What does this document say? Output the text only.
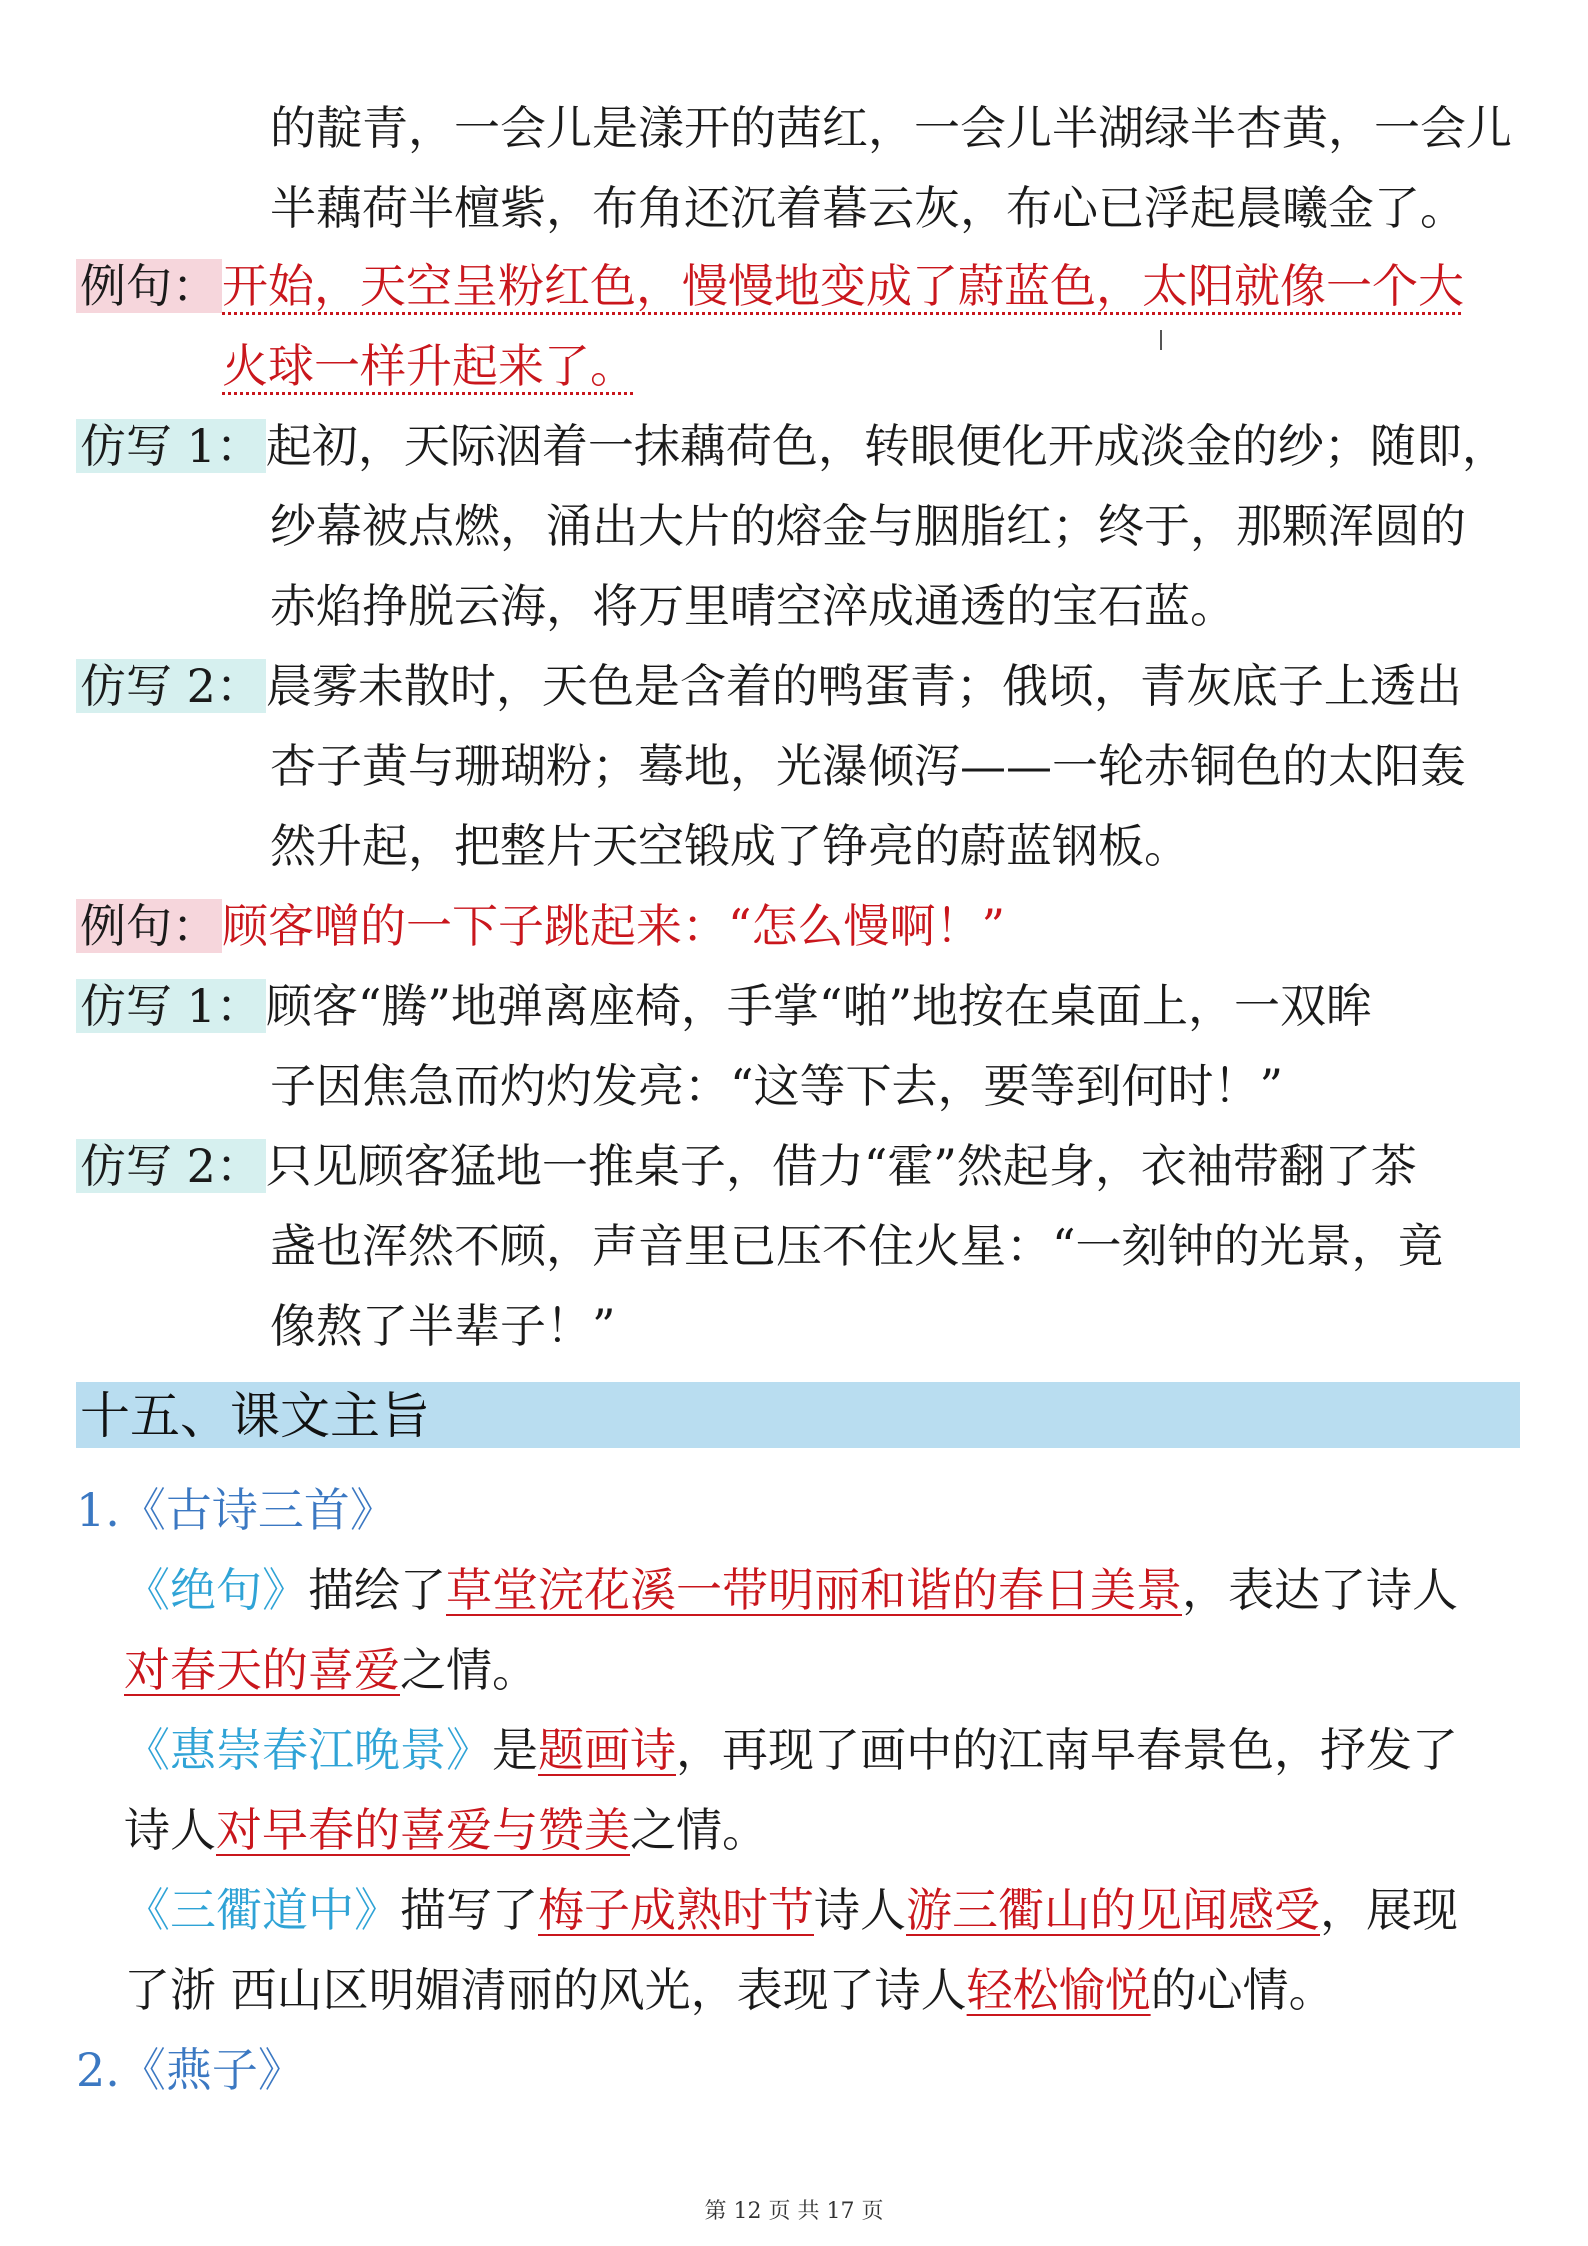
的靛青，一会儿是漾开的茜红，一会儿半湖绿半杏黄，一会儿
半藕荷半檀紫，布角还沉着暮云灰，布心已浮起晨曦金了。
例句：开始，天空呈粉红色，慢慢地变成了蔚蓝色，太阳就像一个大
火球一样升起来了。
仿写 1：起初，天际洇着一抹藕荷色，转眼便化开成淡金的纱；随即，
纱幕被点燃，涌出大片的熔金与胭脂红；终于，那颗浑圆的
赤焰挣脱云海，将万里晴空淬成通透的宝石蓝。
仿写 2：晨雾未散时，天色是含着的鸭蛋青；俄顷，青灰底子上透出
杏子黄与珊瑚粉；蓦地，光瀑倾泻——一轮赤铜色的太阳轰
然升起，把整片天空锻成了铮亮的蔚蓝钢板。
例句：顾客噌的一下子跳起来：“怎么慢啊！”
仿写 1：顾客“腾”地弹离座椅，手掌“啪”地按在桌面上，一双眸
子因焦急而灼灼发亮：“这等下去，要等到何时！”
仿写 2：只见顾客猛地一推桌子，借力“霍”然起身，衣袖带翻了茶
盏也浑然不顾，声音里已压不住火星：“一刻钟的光景，竟
像熬了半辈子！”
十五、课文主旨
1.《古诗三首》
《绝句》描绘了草堂浣花溪一带明丽和谐的春日美景，表达了诗人
对春天的喜爱之情。
《惠崇春江晚景》是题画诗，再现了画中的江南早春景色，抒发了
诗人对早春的喜爱与赞美之情。
《三衢道中》描写了梅子成熟时节诗人游三衢山的见闻感受，展现
了浙 西山区明媚清丽的风光，表现了诗人轻松愉悦的心情。
2.《燕子》
第 12 页 共 17 页
